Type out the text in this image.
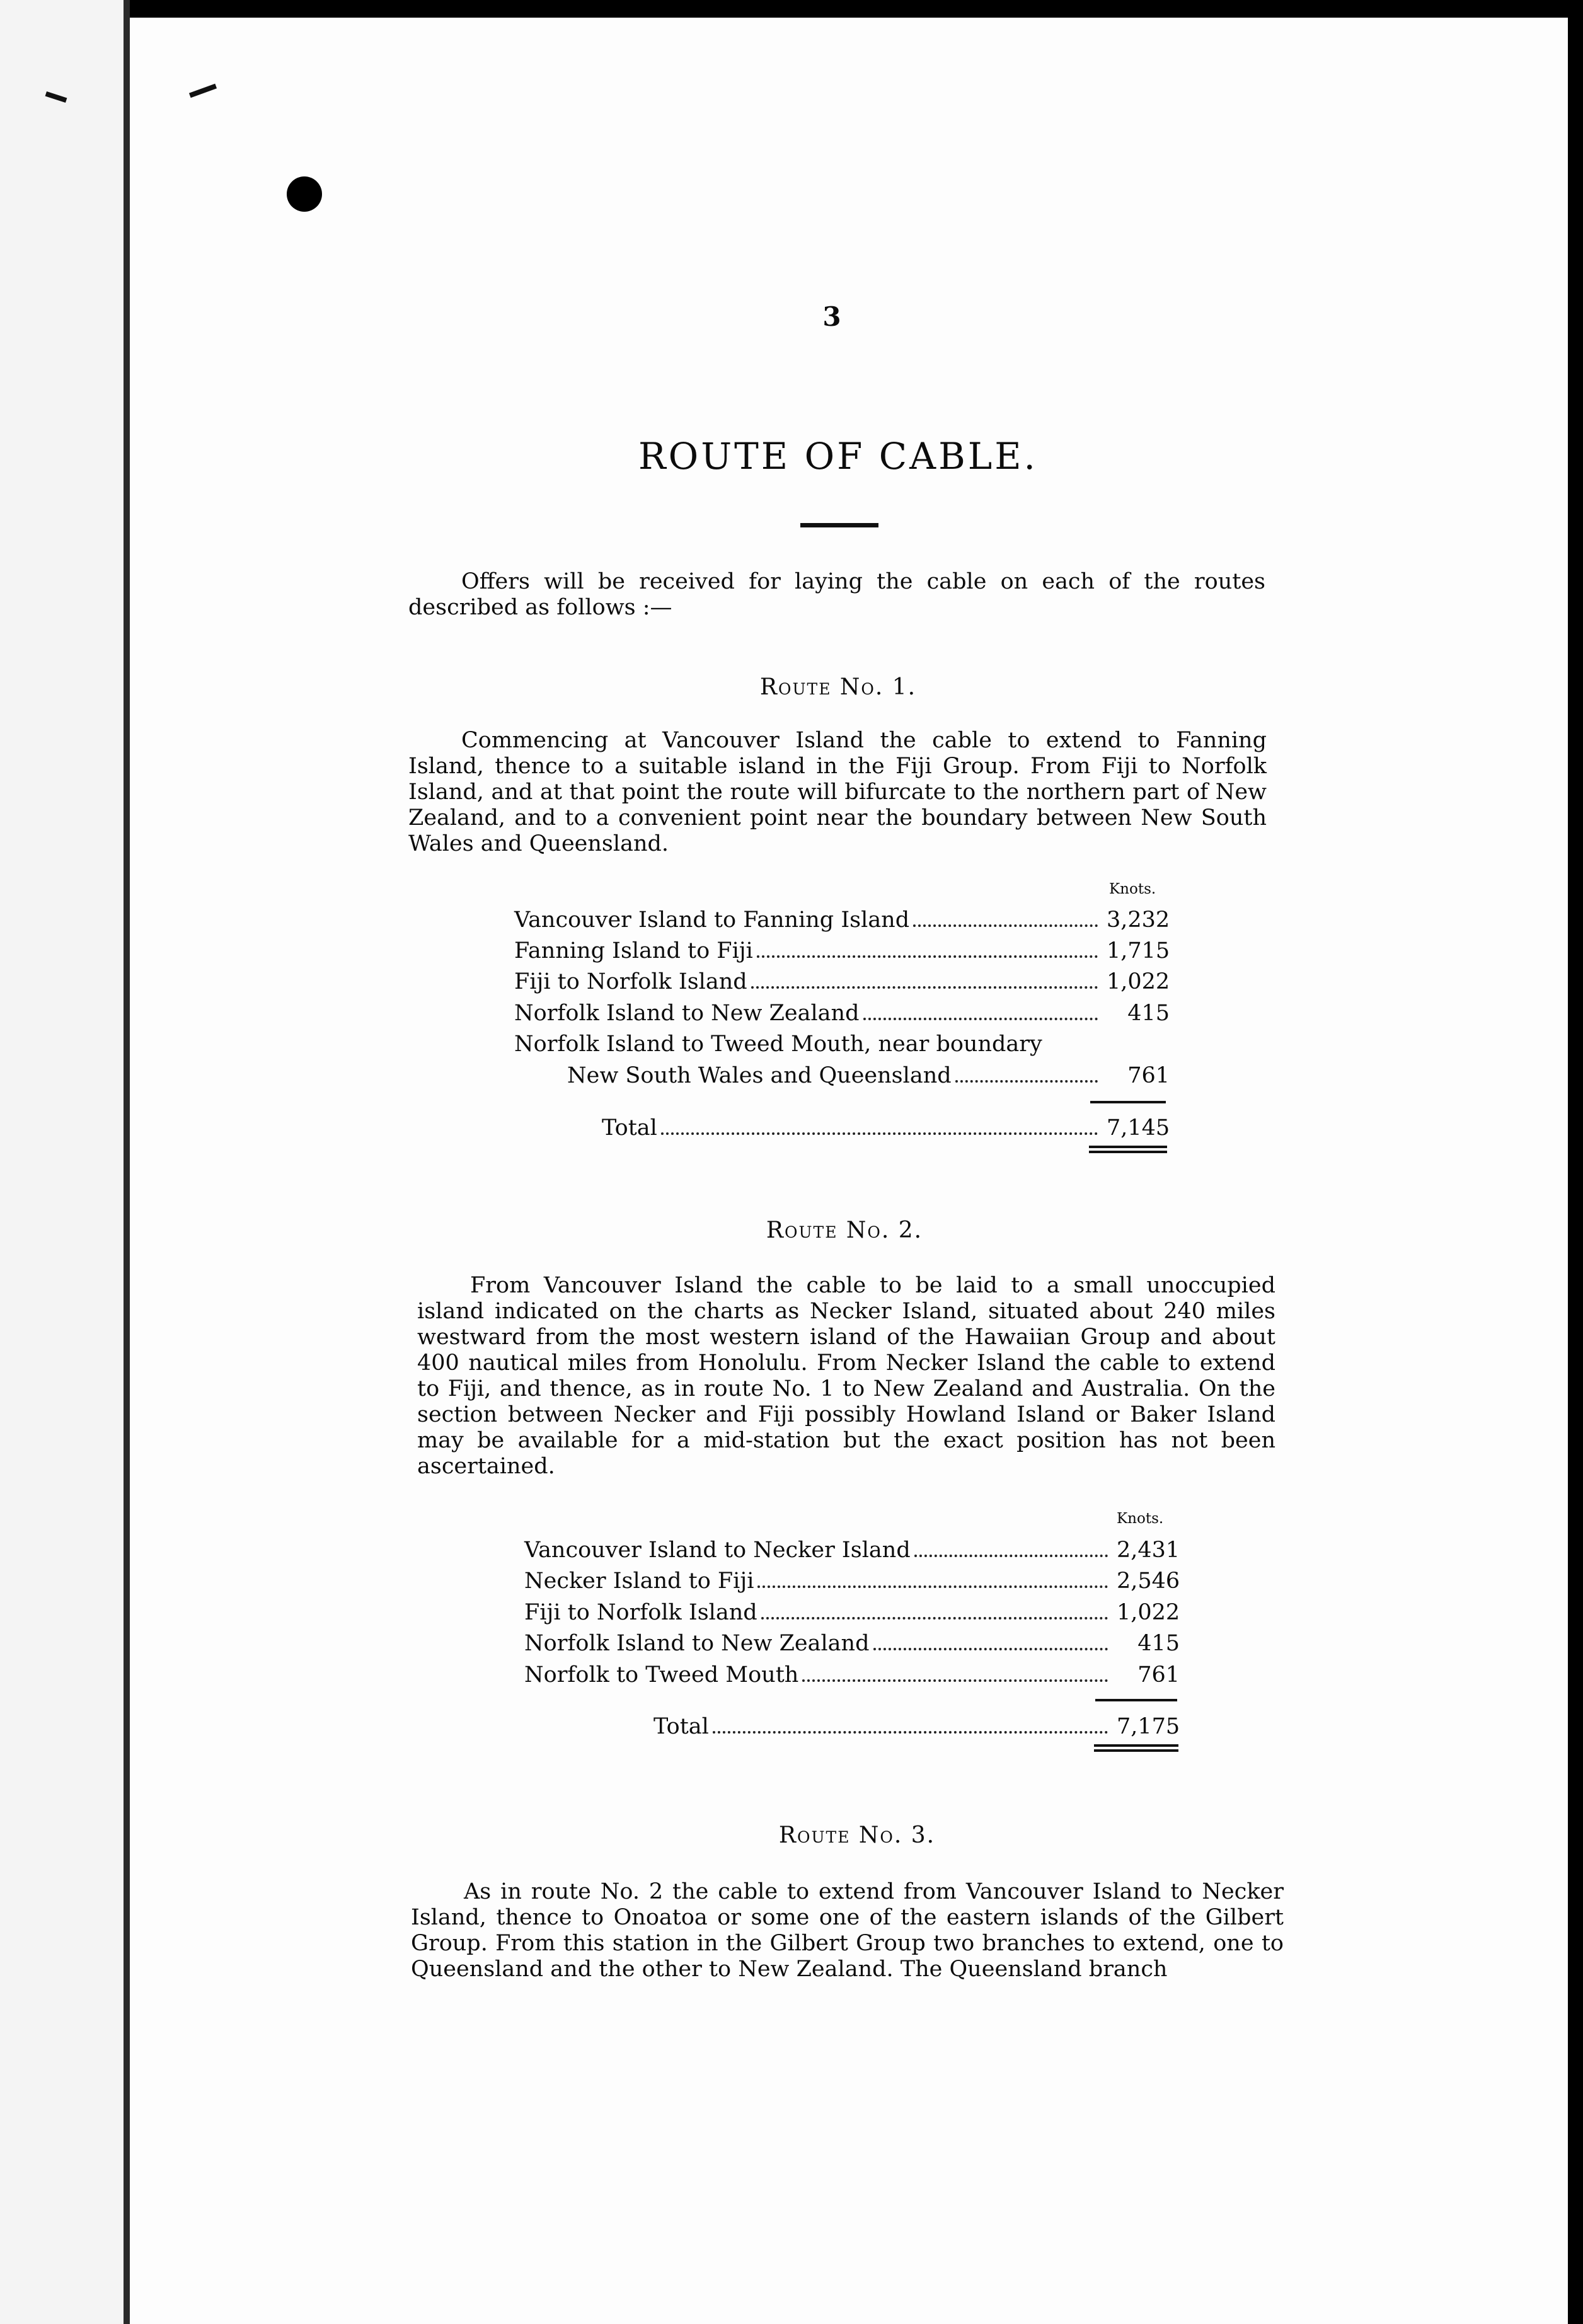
3
ROUTE OF CABLE.

Offers will be received for laying the cable on each of the routes described as follows :—

Route No. 1.

Commencing at Vancouver Island the cable to extend to Fanning Island, thence to a suitable island in the Fiji Group. From Fiji to Norfolk Island, and at that point the route will bifurcate to the northern part of New Zealand, and to a convenient point near the boundary between New South Wales and Queensland.

Knots.
Vancouver Island to Fanning Island	3,232
Fanning Island to Fiji	1,715
Fiji to Norfolk Island	1,022
Norfolk Island to New Zealand	415
Norfolk Island to Tweed Mouth, near boundary
New South Wales and Queensland	761
Total	7,145
Route No. 2.

From Vancouver Island the cable to be laid to a small unoccupied island indicated on the charts as Necker Island, situated about 240 miles westward from the most western island of the Hawaiian Group and about 400 nautical miles from Honolulu. From Necker Island the cable to extend to Fiji, and thence, as in route No. 1 to New Zealand and Australia. On the section between Necker and Fiji possibly Howland Island or Baker Island may be available for a mid-station but the exact position has not been ascertained.

Knots.
Vancouver Island to Necker Island	2,431
Necker Island to Fiji	2,546
Fiji to Norfolk Island	1,022
Norfolk Island to New Zealand	415
Norfolk to Tweed Mouth	761
Total	7,175
Route No. 3.

As in route No. 2 the cable to extend from Vancouver Island to Necker Island, thence to Onoatoa or some one of the eastern islands of the Gilbert Group. From this station in the Gilbert Group two branches to extend, one to Queensland and the other to New Zealand. The Queensland branch
